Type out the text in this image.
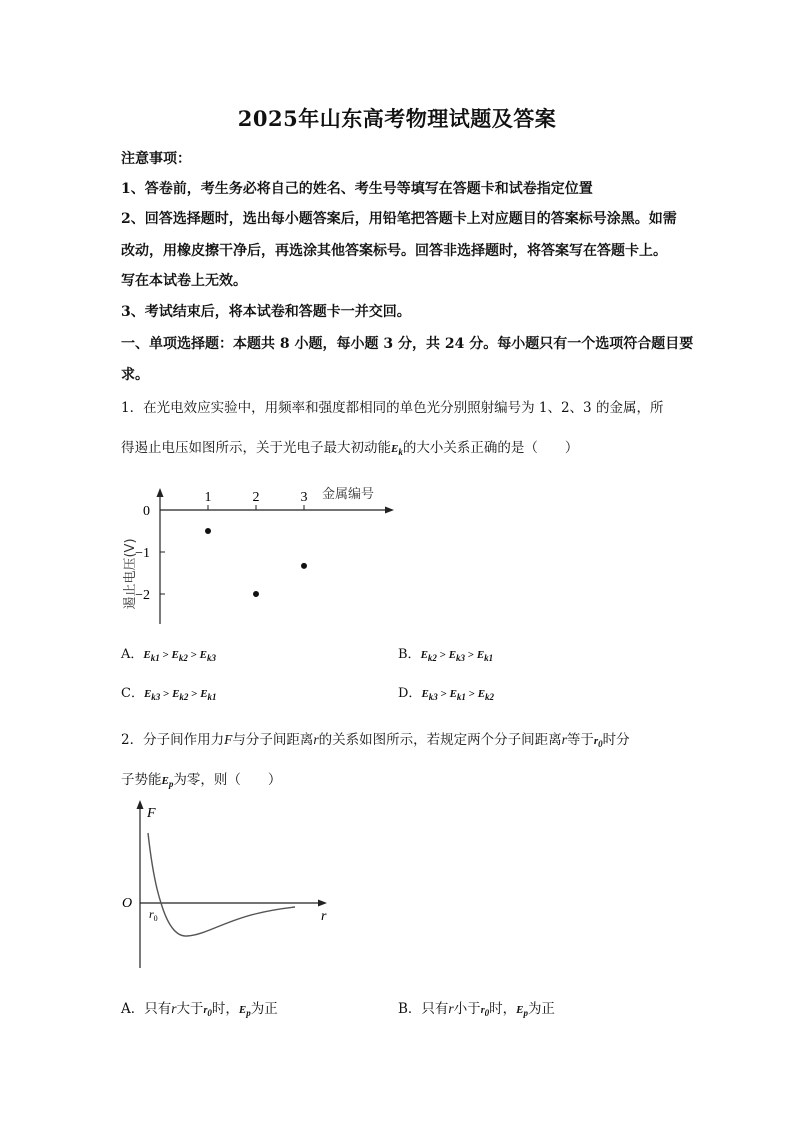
2025年山东高考物理试题及答案
注意事项：
1、答卷前，考生务必将自己的姓名、考生号等填写在答题卡和试卷指定位置
2、回答选择题时，选出每小题答案后，用铅笔把答题卡上对应题目的答案标号涂黑。如需
改动，用橡皮擦干净后，再选涂其他答案标号。回答非选择题时，将答案写在答题卡上。
写在本试卷上无效。
3、考试结束后，将本试卷和答题卡一并交回。
一、单项选择题：本题共 8 小题，每小题 3 分，共 24 分。每小题只有一个选项符合题目要
求。
1．在光电效应实验中，用频率和强度都相同的单色光分别照射编号为 1、2、3 的金属，所
得遏止电压如图所示，关于光电子最大初动能$E_k$的大小关系正确的是（　　）
金属编号
遏止电压(V)
0
−1
−2
1	2	3
A．$E_{k1} > E_{k2} > E_{k3}$	B．$E_{k2} > E_{k3} > E_{k1}$
C．$E_{k3} > E_{k2} > E_{k1}$	D．$E_{k3} > E_{k1} > E_{k2}$
2．分子间作用力F与分子间距离r的关系如图所示，若规定两个分子间距离r等于$r_0$时分
子势能$E_p$为零，则（　　）
F
r
O
$r_0$
A．只有r大于r0时，$E_p$为正	B．只有r小于r0时，$E_p$为正
